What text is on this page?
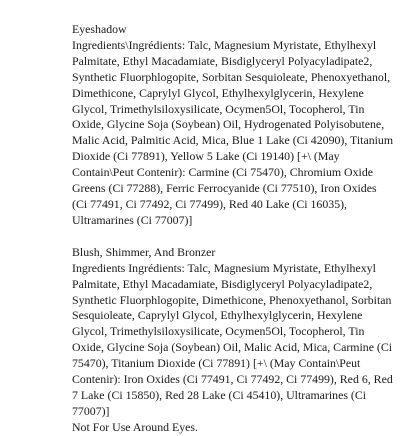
Eyeshadow

Ingredients\Ingrédients: Talc, Magnesium Myristate, Ethylhexyl Palmitate, Ethyl Macadamiate, Bisdiglyceryl Polyacyladipate2, Synthetic Fluorphlogopite, Sorbitan Sesquioleate, Phenoxyethanol, Dimethicone, Caprylyl Glycol, Ethylhexylglycerin, Hexylene Glycol, Trimethylsiloxysilicate, Ocymen5Ol, Tocopherol, Tin Oxide, Glycine Soja (Soybean) Oil, Hydrogenated Polyisobutene, Malic Acid, Palmitic Acid, Mica, Blue 1 Lake (Ci 42090), Titanium Dioxide (Ci 77891), Yellow 5 Lake (Ci 19140) [+\ (May Contain\Peut Contenir): Carmine (Ci 75470), Chromium Oxide Greens (Ci 77288), Ferric Ferrocyanide (Ci 77510), Iron Oxides (Ci 77491, Ci 77492, Ci 77499), Red 40 Lake (Ci 16035), Ultramarines (Ci 77007)]

Blush, Shimmer, And Bronzer

Ingredients Ingrédients: Talc, Magnesium Myristate, Ethylhexyl Palmitate, Ethyl Macadamiate, Bisdiglyceryl Polyacyladipate2, Synthetic Fluorphlogopite, Dimethicone, Phenoxyethanol, Sorbitan Sesquioleate, Caprylyl Glycol, Ethylhexylglycerin, Hexylene Glycol, Trimethylsiloxysilicate, Ocymen5Ol, Tocopherol, Tin Oxide, Glycine Soja (Soybean) Oil, Malic Acid, Mica, Carmine (Ci 75470), Titanium Dioxide (Ci 77891) [+\ (May Contain\Peut Contenir): Iron Oxides (Ci 77491, Ci 77492, Ci 77499), Red 6, Red 7 Lake (Ci 15850), Red 28 Lake (Ci 45410), Ultramarines (Ci 77007)]

Not For Use Around Eyes.
